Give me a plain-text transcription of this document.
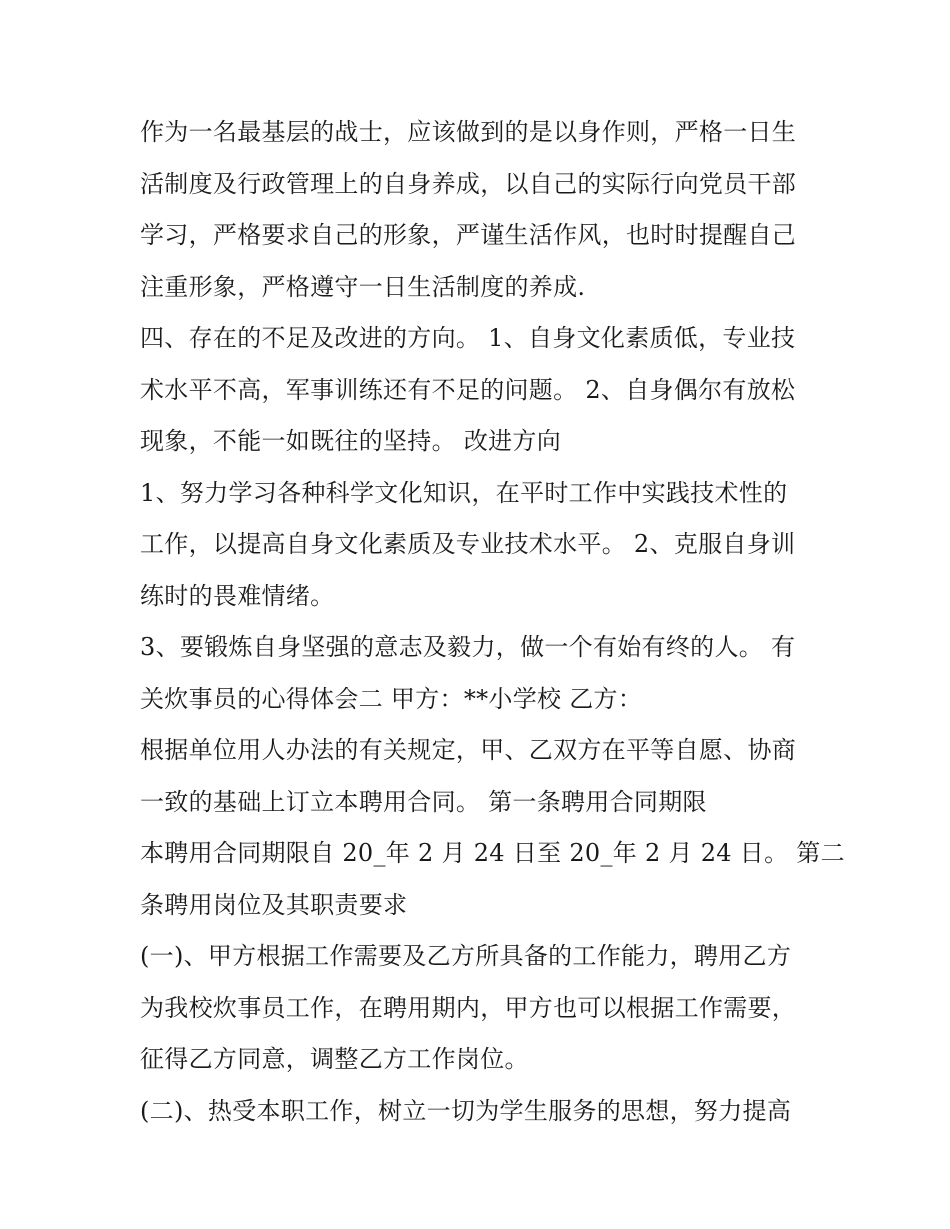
作为一名最基层的战士，应该做到的是以身作则，严格一日生
活制度及行政管理上的自身养成，以自己的实际行向党员干部
学习，严格要求自己的形象，严谨生活作风，也时时提醒自己
注重形象，严格遵守一日生活制度的养成.
四、存在的不足及改进的方向。 1、自身文化素质低，专业技
术水平不高，军事训练还有不足的问题。 2、自身偶尔有放松
现象，不能一如既往的坚持。 改进方向
1、努力学习各种科学文化知识，在平时工作中实践技术性的
工作，以提高自身文化素质及专业技术水平。 2、克服自身训
练时的畏难情绪。
3、要锻炼自身坚强的意志及毅力，做一个有始有终的人。 有
关炊事员的心得体会二 甲方：**小学校 乙方：
根据单位用人办法的有关规定，甲、乙双方在平等自愿、协商
一致的基础上订立本聘用合同。 第一条聘用合同期限
本聘用合同期限自 20_年 2 月 24 日至 20_年 2 月 24 日。 第二
条聘用岗位及其职责要求
(一)、甲方根据工作需要及乙方所具备的工作能力，聘用乙方
为我校炊事员工作，在聘用期内，甲方也可以根据工作需要，
征得乙方同意，调整乙方工作岗位。
(二)、热受本职工作，树立一切为学生服务的思想，努力提高
